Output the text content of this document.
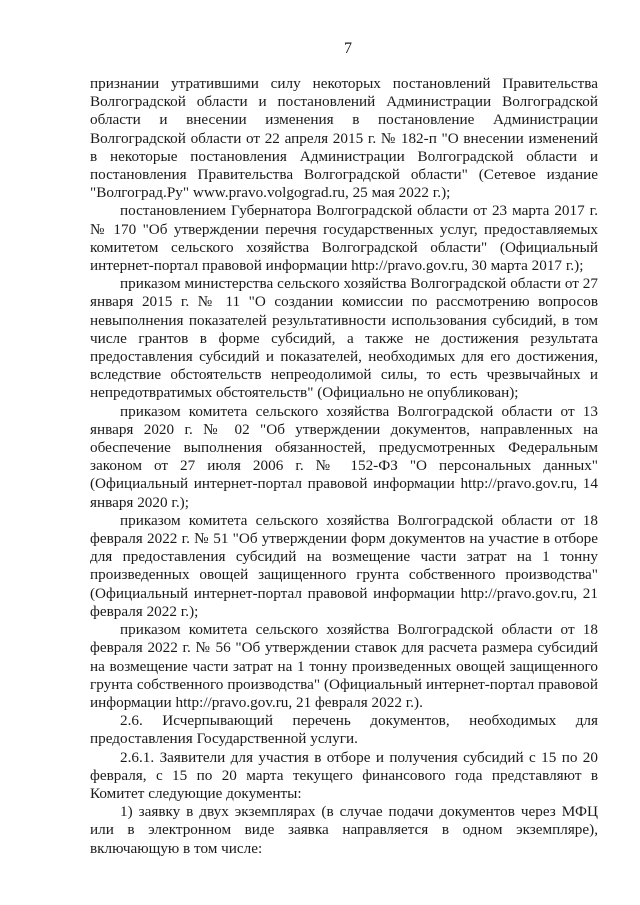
7

признании утратившими силу некоторых постановлений Правительства Волгоградской области и постановлений Администрации Волгоградской области и внесении изменения в постановление Администрации Волгоградской области от 22 апреля 2015 г. № 182-п "О внесении изменений в некоторые постановления Администрации Волгоградской области и постановления Правительства Волгоградской области" (Сетевое издание "Волгоград.Ру" www.pravo.volgograd.ru, 25 мая 2022 г.);

постановлением Губернатора Волгоградской области от 23 марта 2017 г. № 170 "Об утверждении перечня государственных услуг, предоставляемых комитетом сельского хозяйства Волгоградской области" (Официальный интернет-портал правовой информации http://pravo.gov.ru, 30 марта 2017 г.);

приказом министерства сельского хозяйства Волгоградской области от 27 января 2015 г. № 11 "О создании комиссии по рассмотрению вопросов невыполнения показателей результативности использования субсидий, в том числе грантов в форме субсидий, а также не достижения результата предоставления субсидий и показателей, необходимых для его достижения, вследствие обстоятельств непреодолимой силы, то есть чрезвычайных и непредотвратимых обстоятельств" (Официально не опубликован);

приказом комитета сельского хозяйства Волгоградской области от 13 января 2020 г. № 02 "Об утверждении документов, направленных на обеспечение выполнения обязанностей, предусмотренных Федеральным законом от 27 июля 2006 г. № 152-ФЗ "О персональных данных" (Официальный интернет-портал правовой информации http://pravo.gov.ru, 14 января 2020 г.);

приказом комитета сельского хозяйства Волгоградской области от 18 февраля 2022 г. № 51 "Об утверждении форм документов на участие в отборе для предоставления субсидий на возмещение части затрат на 1 тонну произведенных овощей защищенного грунта собственного производства" (Официальный интернет-портал правовой информации http://pravo.gov.ru, 21 февраля 2022 г.);

приказом комитета сельского хозяйства Волгоградской области от 18 февраля 2022 г. № 56 "Об утверждении ставок для расчета размера субсидий на возмещение части затрат на 1 тонну произведенных овощей защищенного грунта собственного производства" (Официальный интернет-портал правовой информации http://pravo.gov.ru, 21 февраля 2022 г.).

2.6. Исчерпывающий перечень документов, необходимых для предоставления Государственной услуги.

2.6.1. Заявители для участия в отборе и получения субсидий с 15 по 20 февраля, с 15 по 20 марта текущего финансового года представляют в Комитет следующие документы:

1) заявку в двух экземплярах (в случае подачи документов через МФЦ или в электронном виде заявка направляется в одном экземпляре), включающую в том числе:
